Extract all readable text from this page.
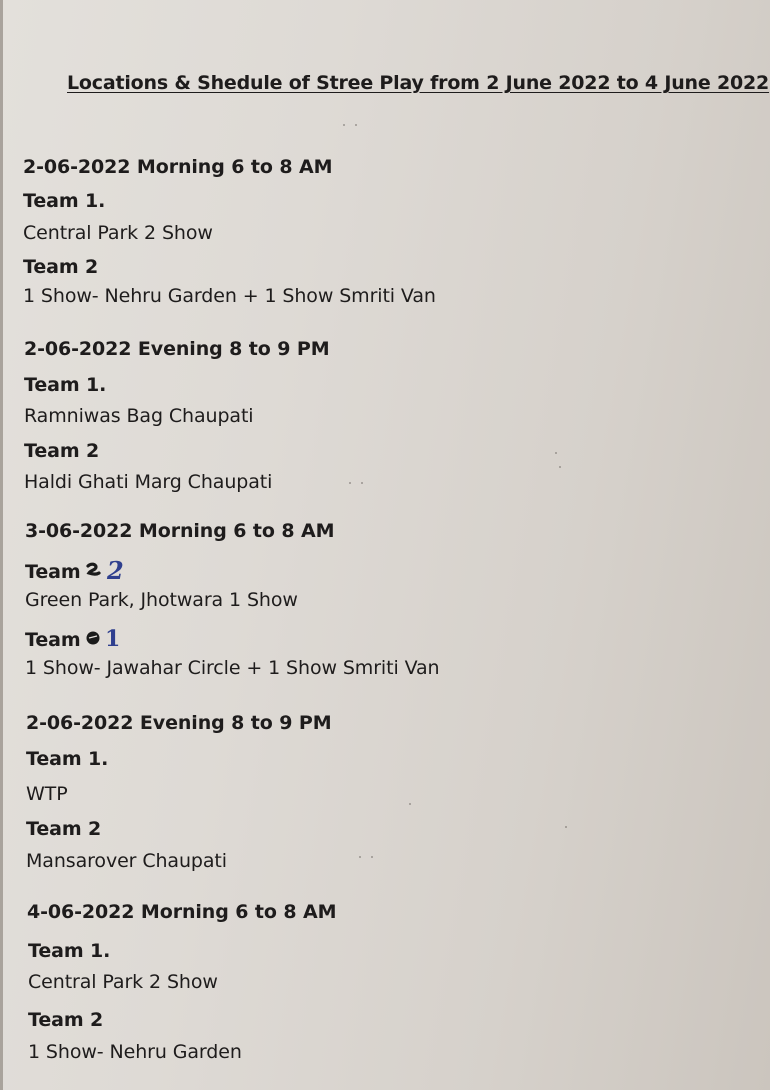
Locations & Shedule of Stree Play from 2 June 2022 to 4 June 2022
2-06-2022 Morning 6 to 8 AM
Team 1.
Central Park 2 Show
Team 2
1 Show- Nehru Garden + 1 Show Smriti Van
2-06-2022 Evening 8 to 9 PM
Team 1.
Ramniwas Bag Chaupati
Team 2
Haldi Ghati Marg Chaupati
3-06-2022 Morning 6 to 8 AM
Team 2
Green Park, Jhotwara 1 Show
Team 1
1 Show- Jawahar Circle + 1 Show Smriti Van
2-06-2022 Evening 8 to 9 PM
Team 1.
WTP
Team 2
Mansarover Chaupati
4-06-2022 Morning 6 to 8 AM
Team 1.
Central Park 2 Show
Team 2
1 Show- Nehru Garden
